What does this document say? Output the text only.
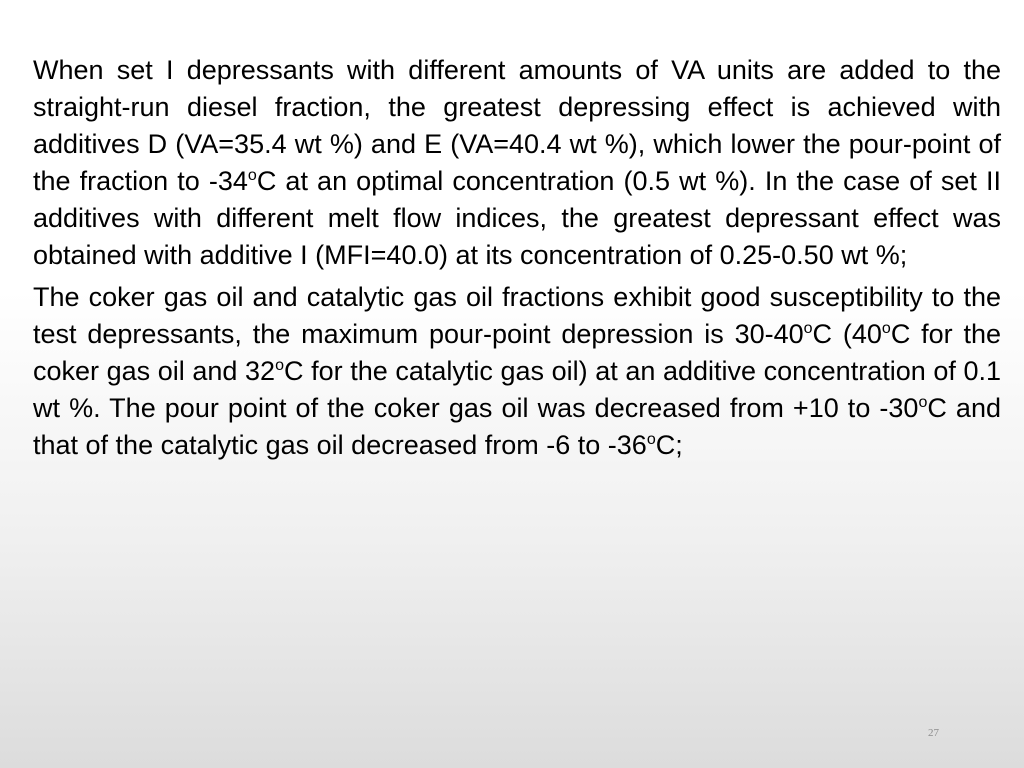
When set I depressants with different amounts of VA units are added to the straight-run diesel fraction, the greatest depressing effect is achieved with additives D (VA=35.4 wt %) and E (VA=40.4 wt %), which lower the pour-point of the fraction to -34$^o$C at an optimal concentration (0.5 wt %). In the case of set II additives with different melt flow indices, the greatest depressant effect was obtained with additive I (MFI=40.0) at its concentration of 0.25-0.50 wt %;

The coker gas oil and catalytic gas oil fractions exhibit good susceptibility to the test depressants, the maximum pour-point depression is 30-40$^o$C (40$^o$C for the coker gas oil and 32$^o$C for the catalytic gas oil) at an additive concentration of 0.1 wt %. The pour point of the coker gas oil was decreased from +10 to -30$^o$C and that of the catalytic gas oil decreased from -6 to -36$^o$C;

27
